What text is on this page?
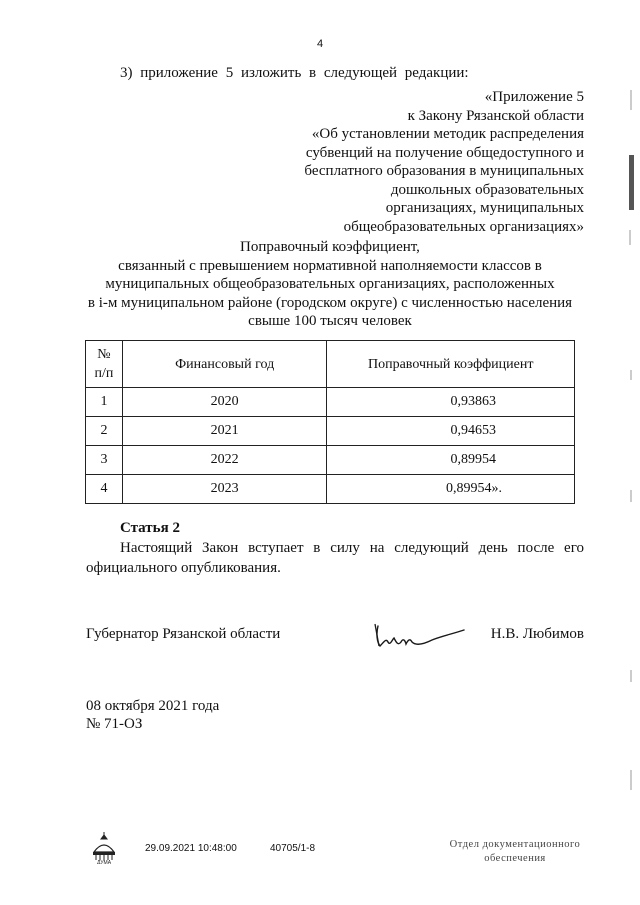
4
3) приложение 5 изложить в следующей редакции:
«Приложение 5
к Закону Рязанской области
«Об установлении методик распределения
субвенций на получение общедоступного и
бесплатного образования в муниципальных
дошкольных образовательных
организациях, муниципальных
общеобразовательных организациях»
Поправочный коэффициент,
связанный с превышением нормативной наполняемости классов в
муниципальных общеобразовательных организациях, расположенных
в i-м муниципальном районе (городском округе) с численностью населения
свыше 100 тысяч человек
№
п/п	Финансовый год	Поправочный коэффициент
1	2020	0,93863
2	2021	0,94653
3	2022	0,89954
4	2023	0,89954».
Статья 2
Настоящий Закон вступает в силу на следующий день после его официального опубликования.
Губернатор Рязанской области	Н.В. Любимов
08 октября 2021 года
№ 71-ОЗ
ДУМА
29.09.2021 10:48:00	40705/1-8	Отдел документационного
обеспечения
